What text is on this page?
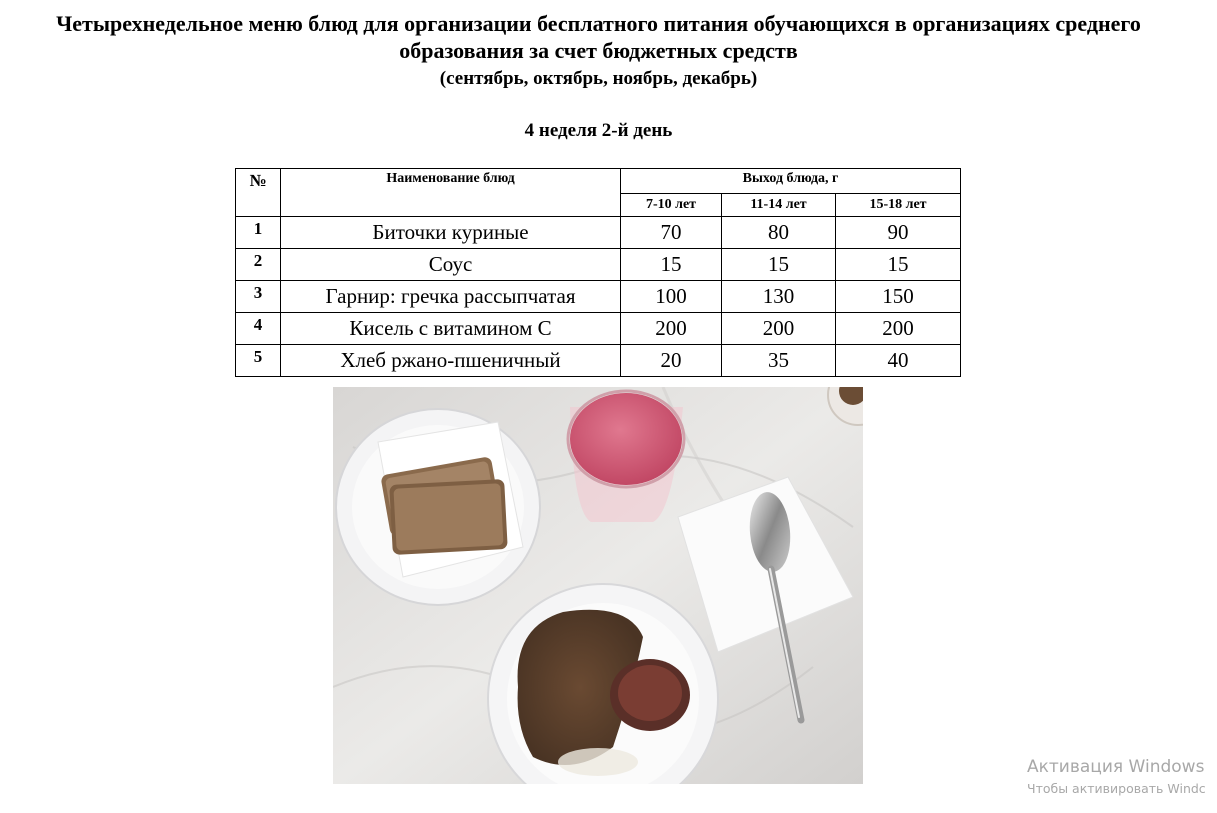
Четырехнедельное меню блюд для организации бесплатного питания обучающихся в организациях среднего образования за счет бюджетных средств
(сентябрь, октябрь, ноябрь, декабрь)
4 неделя 2-й день
№	Наименование блюд	Выход блюда, г		
		7-10 лет	11-14 лет	15-18 лет
1	Биточки куриные	70	80	90
2	Соус	15	15	15
3	Гарнир: гречка рассыпчатая	100	130	150
4	Кисель с витамином С	200	200	200
5	Хлеб ржано-пшеничный	20	35	40
Активация Windows
Чтобы активировать Windc
